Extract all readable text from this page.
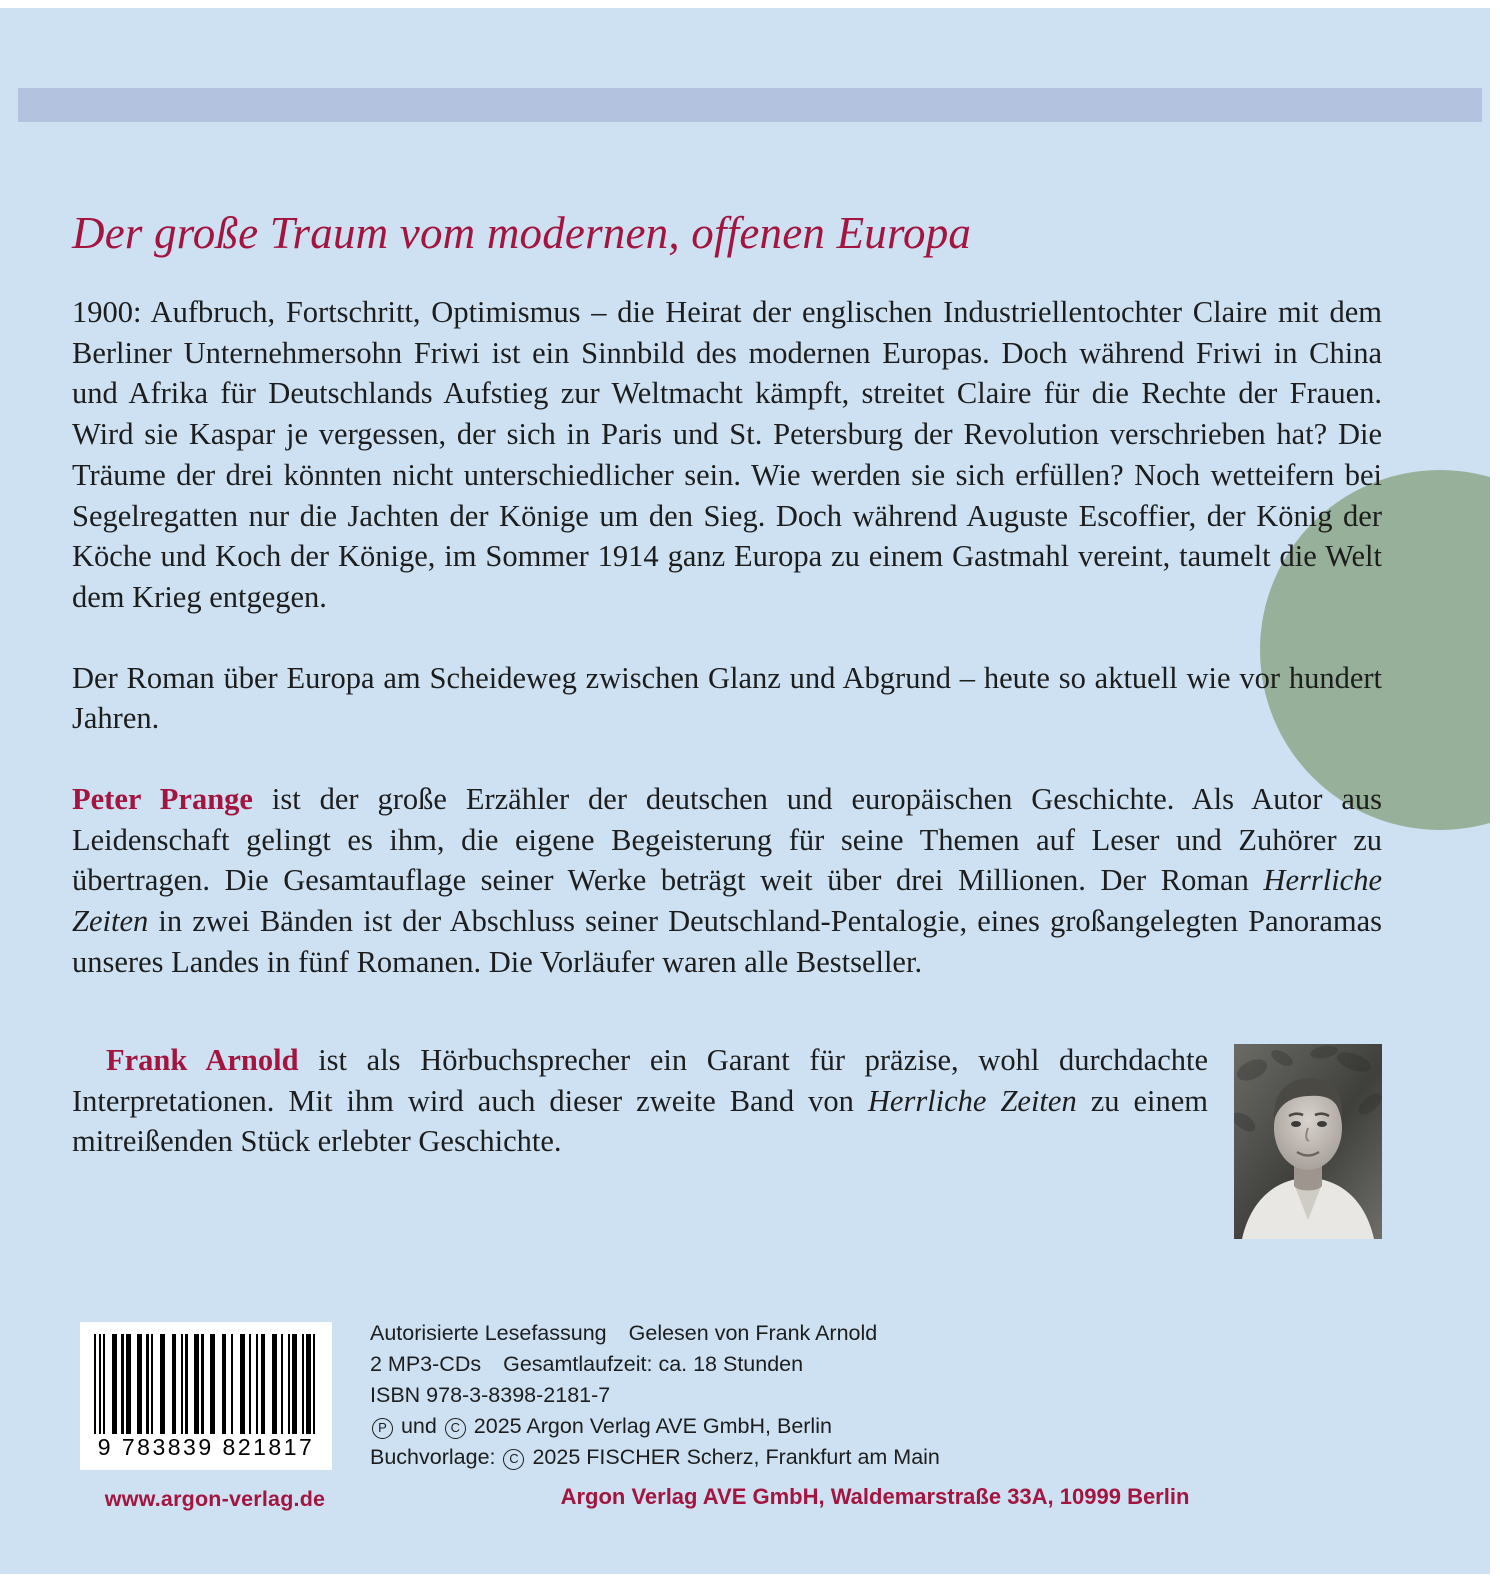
Der große Traum vom modernen, offenen Europa

1900: Aufbruch, Fortschritt, Optimismus – die Heirat der englischen Industriellentochter Claire mit dem Berliner Unternehmersohn Friwi ist ein Sinnbild des modernen Europas. Doch während Friwi in China und Afrika für Deutschlands Aufstieg zur Weltmacht kämpft, streitet Claire für die Rechte der Frauen. Wird sie Kaspar je vergessen, der sich in Paris und St. Petersburg der Revolution verschrieben hat? Die Träume der drei könnten nicht unterschiedlicher sein. Wie werden sie sich erfüllen? Noch wetteifern bei Segelregatten nur die Jachten der Könige um den Sieg. Doch während Auguste Escoffier, der König der Köche und Koch der Könige, im Sommer 1914 ganz Europa zu einem Gastmahl vereint, taumelt die Welt dem Krieg entgegen.

Der Roman über Europa am Scheideweg zwischen Glanz und Abgrund – heute so aktuell wie vor hundert Jahren.

Peter Prange ist der große Erzähler der deutschen und europäischen Geschichte. Als Autor aus Leidenschaft gelingt es ihm, die eigene Begeisterung für seine Themen auf Leser und Zuhörer zu übertragen. Die Gesamtauflage seiner Werke beträgt weit über drei Millionen. Der Roman Herrliche Zeiten in zwei Bänden ist der Abschluss seiner Deutschland-Pentalogie, eines großangelegten Panoramas unseres Landes in fünf Romanen. Die Vorläufer waren alle Bestseller.

Frank Arnold ist als Hörbuchsprecher ein Garant für präzise, wohl durchdachte Interpretationen. Mit ihm wird auch dieser zweite Band von Herrliche Zeiten zu einem mitreißenden Stück erlebter Geschichte.
9 783839 821817
www.argon-verlag.de
Autorisierte Lesefassung Gelesen von Frank Arnold
2 MP3-CDs Gesamtlaufzeit: ca. 18 Stunden
ISBN 978-3-8398-2181-7
P und C 2025 Argon Verlag AVE GmbH, Berlin
Buchvorlage: C 2025 FISCHER Scherz, Frankfurt am Main
Argon Verlag AVE GmbH, Waldemarstraße 33A, 10999 Berlin
